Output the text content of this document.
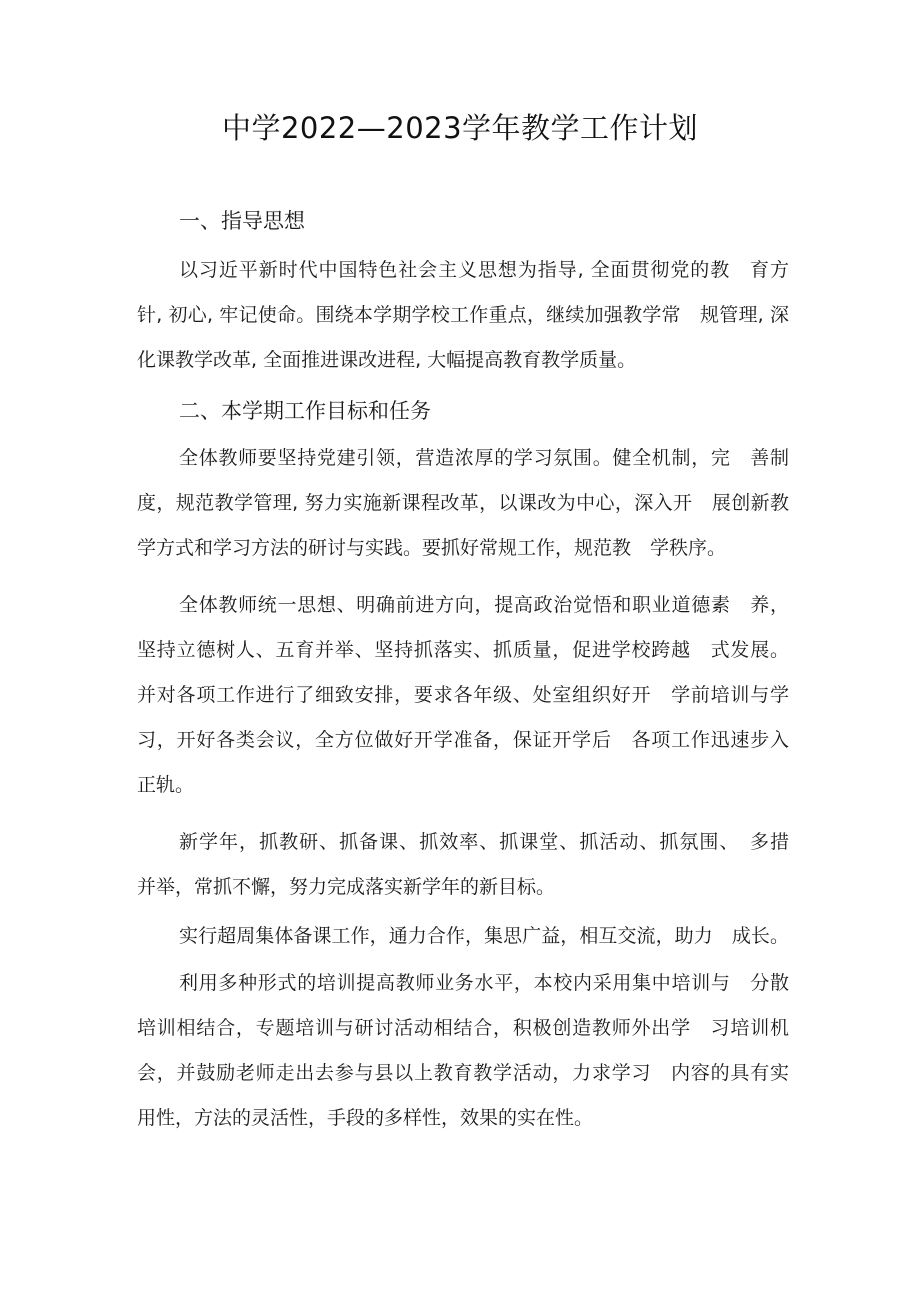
中学2022—2023学年教学工作计划
一、指导思想
以习近平新时代中国特色社会主义思想为指导, 全面贯彻党的教　育方
针, 初心, 牢记使命。围绕本学期学校工作重点，继续加强教学常　规管理, 深
化课教学改革, 全面推进课改进程, 大幅提高教育教学质量。
二、本学期工作目标和任务
全体教师要坚持党建引领，营造浓厚的学习氛围。健全机制，完　善制
度，规范教学管理, 努力实施新课程改革，以课改为中心，深入开　展创新教
学方式和学习方法的研讨与实践。要抓好常规工作，规范教　学秩序。
全体教师统一思想、明确前进方向，提高政治觉悟和职业道德素　养，
坚持立德树人、五育并举、坚持抓落实、抓质量，促进学校跨越　式发展。
并对各项工作进行了细致安排，要求各年级、处室组织好开　学前培训与学
习，开好各类会议，全方位做好开学准备，保证开学后　各项工作迅速步入
正轨。
新学年，抓教研、抓备课、抓效率、抓课堂、抓活动、抓氛围、　多措
并举，常抓不懈，努力完成落实新学年的新目标。
实行超周集体备课工作，通力合作，集思广益，相互交流，助力　成长。
利用多种形式的培训提高教师业务水平，本校内采用集中培训与　分散
培训相结合，专题培训与研讨活动相结合，积极创造教师外出学　习培训机
会，并鼓励老师走出去参与县以上教育教学活动，力求学习　内容的具有实
用性，方法的灵活性，手段的多样性，效果的实在性。
